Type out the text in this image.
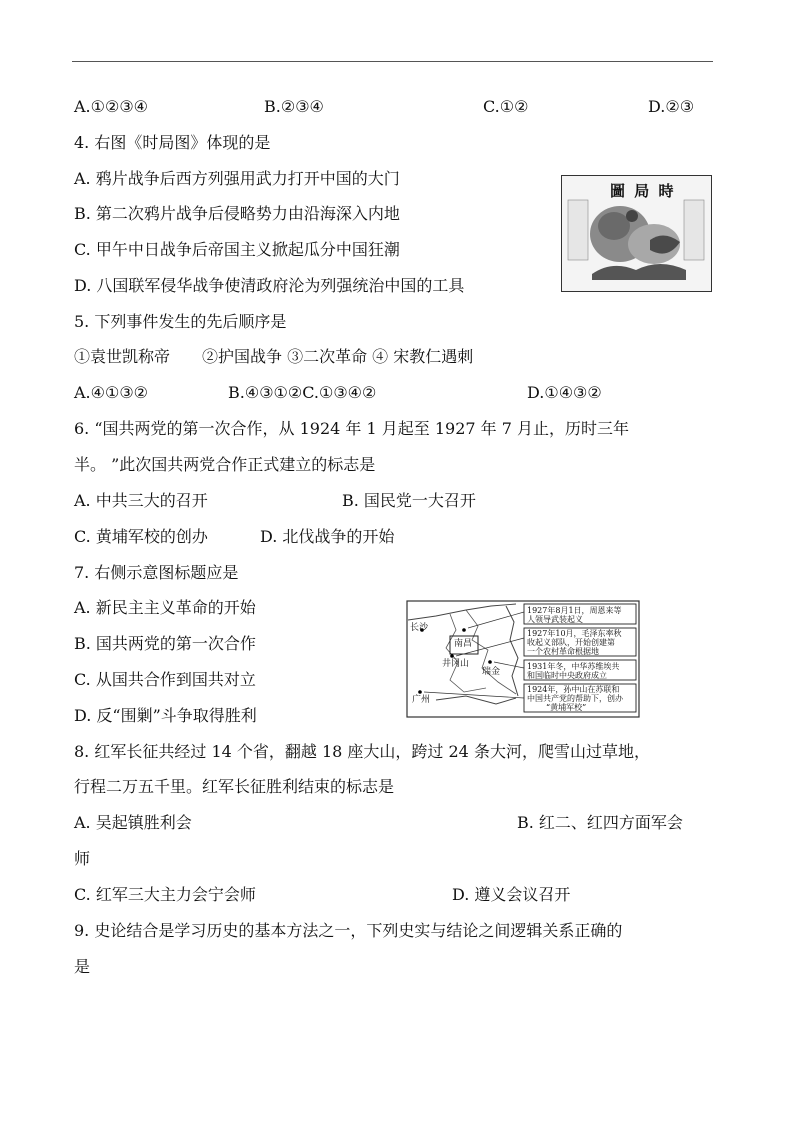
A.①②③④	B.②③④	C.①②	D.②③
4. 右图《时局图》体现的是
A. 鸦片战争后西方列强用武力打开中国的大门
B. 第二次鸦片战争后侵略势力由沿海深入内地
C. 甲午中日战争后帝国主义掀起瓜分中国狂潮
D. 八国联军侵华战争使清政府沦为列强统治中国的工具
圖 局 時
5. 下列事件发生的先后顺序是
①袁世凯称帝　　②护国战争 ③二次革命 ④ 宋教仁遇刺
A.④①③②　　　　　B.④③①②C.①③④②	D.①④③②
6. “国共两党的第一次合作，从 1924 年 1 月起至 1927 年 7 月止，历时三年
半。 ”此次国共两党合作正式建立的标志是
A. 中共三大的召开	B. 国民党一大召开
C. 黄埔军校的创办	D. 北伐战争的开始
7. 右侧示意图标题应是
A. 新民主主义革命的开始
B. 国共两党的第一次合作
C. 从国共合作到国共对立
D. 反“围剿”斗争取得胜利
长沙
南昌
井冈山
瑞金
广州
1927年8月1日，周恩来等
人领导武装起义
1927年10月，毛泽东率秋
收起义部队，开始创建第
一个农村革命根据地
1931年冬，中华苏维埃共
和国临时中央政府成立
1924年，孙中山在苏联和
中国共产党的帮助下，创办
“黄埔军校”
8. 红军长征共经过 14 个省，翻越 18 座大山，跨过 24 条大河，爬雪山过草地，
行程二万五千里。红军长征胜利结束的标志是
A. 吴起镇胜利会	B. 红二、红四方面军会
师
C. 红军三大主力会宁会师	D. 遵义会议召开
9. 史论结合是学习历史的基本方法之一，下列史实与结论之间逻辑关系正确的
是
